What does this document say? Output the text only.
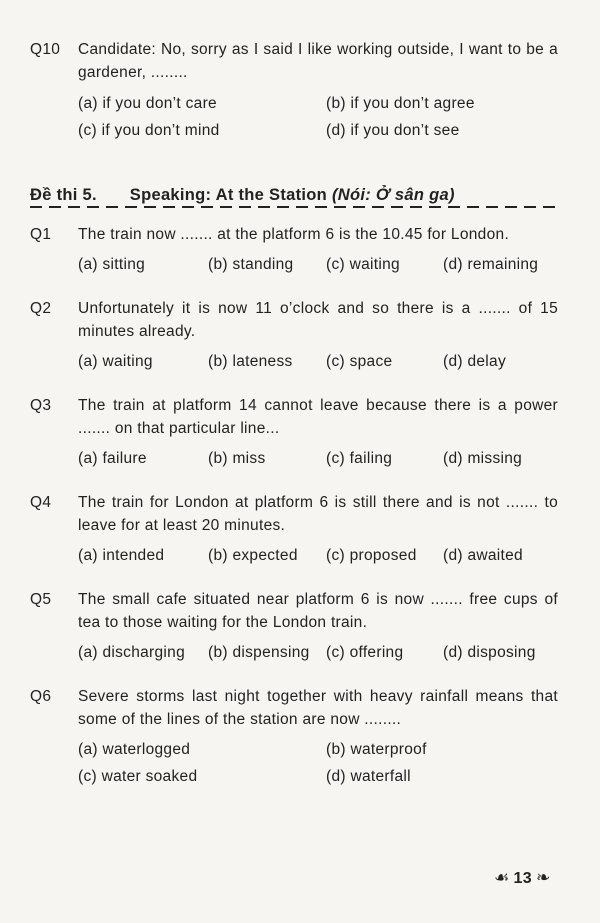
Q10 Candidate: No, sorry as I said I like working outside, I want to be a gardener, ........
(a) if you don’t care	(b) if you don’t agree
(c) if you don’t mind	(d) if you don’t see
Đề thi 5. Speaking: At the Station (Nói: Ở sân ga)
Q1 The train now ....... at the platform 6 is the 10.45 for London.
(a) sitting	(b) standing (c) waiting	(d) remaining
Q2 Unfortunately it is now 11 o’clock and so there is a ....... of 15 minutes already.
(a) waiting	(b) lateness (c) space	(d) delay
Q3 The train at platform 14 cannot leave because there is a power ....... on that particular line...
(a) failure	(b) miss	(c) failing	(d) missing
Q4 The train for London at platform 6 is still there and is not ....... to leave for at least 20 minutes.
(a) intended	(b) expected (c) proposed (d) awaited
Q5 The small cafe situated near platform 6 is now ....... free cups of tea to those waiting for the London train.
(a) discharging (b) dispensing (c) offering	(d) disposing
Q6 Severe storms last night together with heavy rainfall means that some of the lines of the station are now ........
(a) waterlogged	(b) waterproof
(c) water soaked	(d) waterfall
☙ 13 ❧
